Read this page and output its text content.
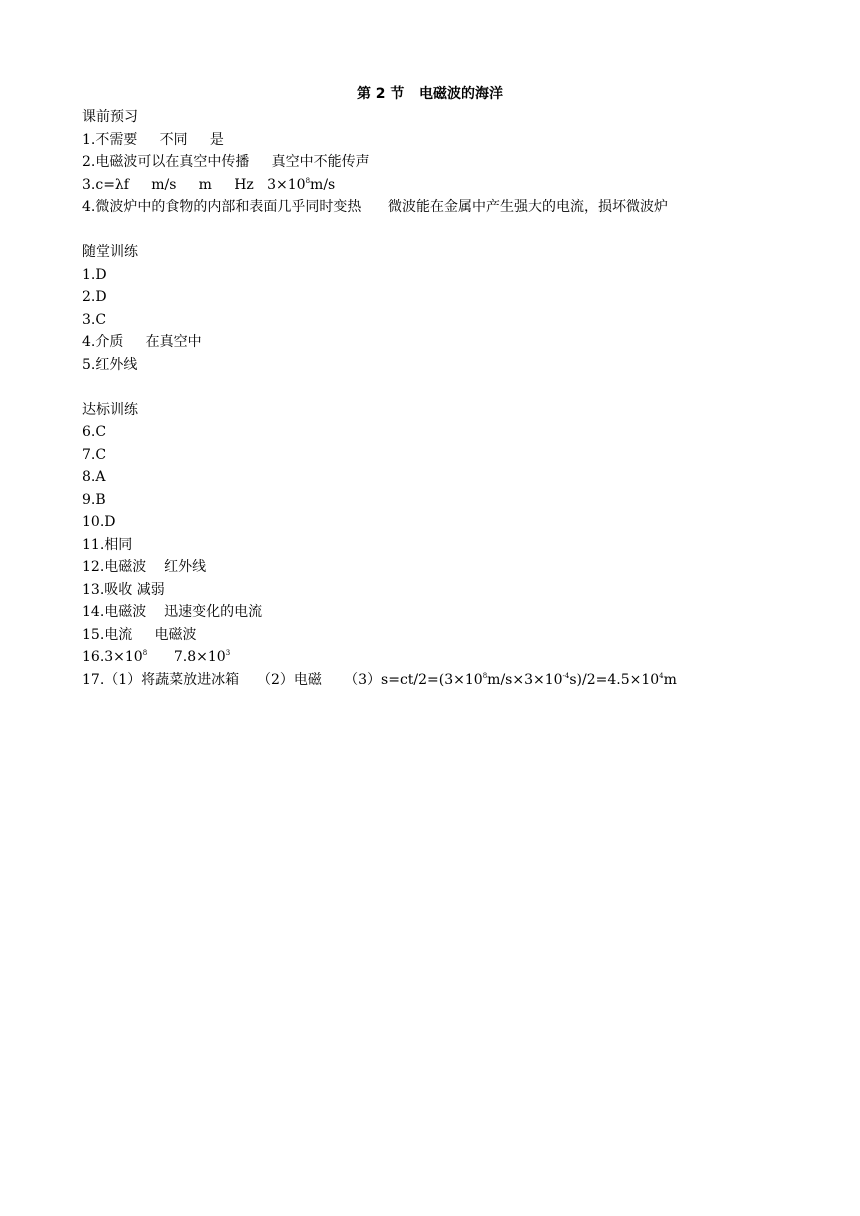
第 2 节   电磁波的海洋
课前预习
1.不需要     不同     是
2.电磁波可以在真空中传播     真空中不能传声
3.c=λf     m/s     m     Hz   $3\times 10^8m/s$
4.微波炉中的食物的内部和表面几乎同时变热      微波能在金属中产生强大的电流，损坏微波炉
随堂训练
1.D
2.D
3.C
4.介质     在真空中
5.红外线
达标训练
6.C
7.C
8.A
9.B
10.D
11.相同
12.电磁波    红外线
13.吸收 减弱
14.电磁波    迅速变化的电流
15.电流     电磁波
$16.3\times 10^8$      $7.8\times 10^3$
17.（1）将蔬菜放进冰箱    （2）电磁     $(3)s=ct/2=(3\times 10^8m/s\times 3\times 10^{-4}s)/2=4.5\times 10^4m$
